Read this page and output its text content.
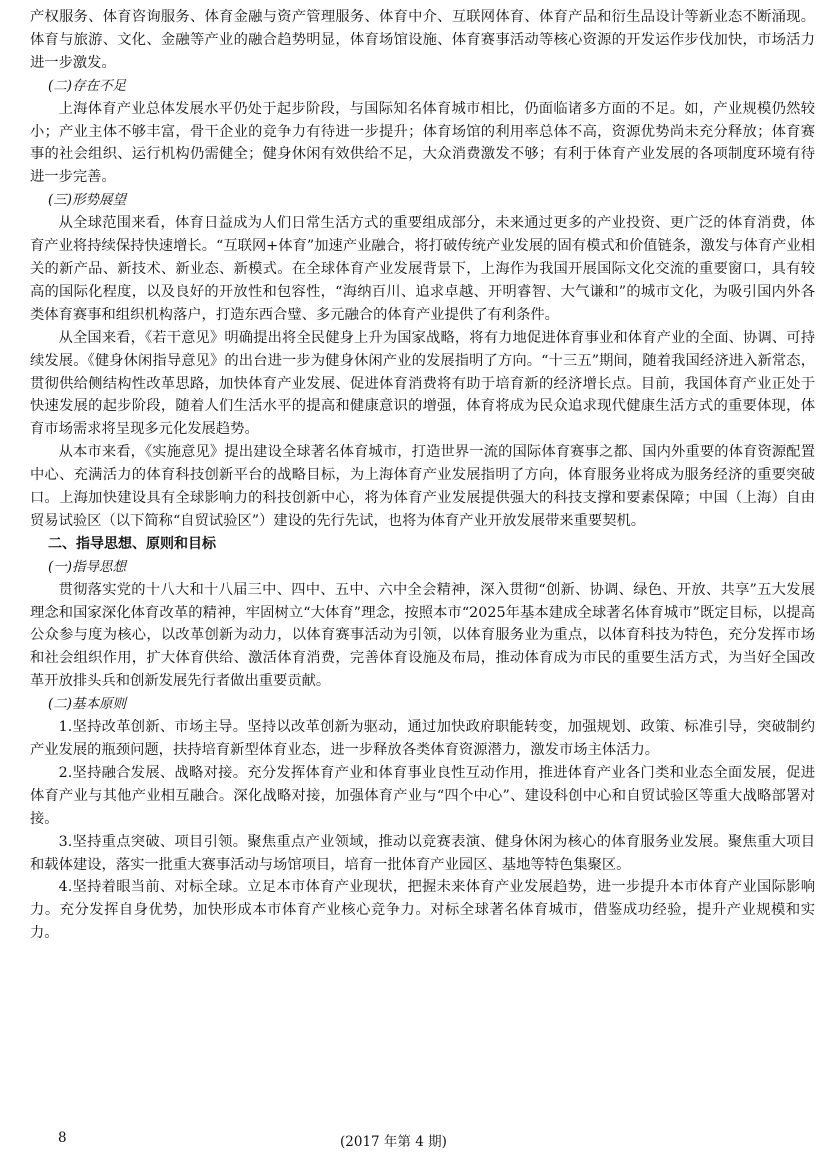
产权服务、体育咨询服务、体育金融与资产管理服务、体育中介、互联网体育、体育产品和衍生品设计等新业态不断涌现。体育与旅游、文化、金融等产业的融合趋势明显，体育场馆设施、体育赛事活动等核心资源的开发运作步伐加快，市场活力进一步激发。

(二)存在不足

上海体育产业总体发展水平仍处于起步阶段，与国际知名体育城市相比，仍面临诸多方面的不足。如，产业规模仍然较小；产业主体不够丰富，骨干企业的竞争力有待进一步提升；体育场馆的利用率总体不高，资源优势尚未充分释放；体育赛事的社会组织、运行机构仍需健全；健身休闲有效供给不足，大众消费激发不够；有利于体育产业发展的各项制度环境有待进一步完善。

(三)形势展望

从全球范围来看，体育日益成为人们日常生活方式的重要组成部分，未来通过更多的产业投资、更广泛的体育消费，体育产业将持续保持快速增长。“互联网+体育”加速产业融合，将打破传统产业发展的固有模式和价值链条，激发与体育产业相关的新产品、新技术、新业态、新模式。在全球体育产业发展背景下，上海作为我国开展国际文化交流的重要窗口，具有较高的国际化程度，以及良好的开放性和包容性，“海纳百川、追求卓越、开明睿智、大气谦和”的城市文化，为吸引国内外各类体育赛事和组织机构落户，打造东西合璧、多元融合的体育产业提供了有利条件。

从全国来看，《若干意见》明确提出将全民健身上升为国家战略，将有力地促进体育事业和体育产业的全面、协调、可持续发展。《健身休闲指导意见》的出台进一步为健身休闲产业的发展指明了方向。“十三五”期间，随着我国经济进入新常态，贯彻供给侧结构性改革思路，加快体育产业发展、促进体育消费将有助于培育新的经济增长点。目前，我国体育产业正处于快速发展的起步阶段，随着人们生活水平的提高和健康意识的增强，体育将成为民众追求现代健康生活方式的重要体现，体育市场需求将呈现多元化发展趋势。

从本市来看，《实施意见》提出建设全球著名体育城市，打造世界一流的国际体育赛事之都、国内外重要的体育资源配置中心、充满活力的体育科技创新平台的战略目标，为上海体育产业发展指明了方向，体育服务业将成为服务经济的重要突破口。上海加快建设具有全球影响力的科技创新中心，将为体育产业发展提供强大的科技支撑和要素保障；中国（上海）自由贸易试验区（以下简称“自贸试验区”）建设的先行先试，也将为体育产业开放发展带来重要契机。

二、指导思想、原则和目标

(一)指导思想

贯彻落实党的十八大和十八届三中、四中、五中、六中全会精神，深入贯彻“创新、协调、绿色、开放、共享”五大发展理念和国家深化体育改革的精神，牢固树立“大体育”理念，按照本市“2025年基本建成全球著名体育城市”既定目标，以提高公众参与度为核心，以改革创新为动力，以体育赛事活动为引领，以体育服务业为重点，以体育科技为特色，充分发挥市场和社会组织作用，扩大体育供给、激活体育消费，完善体育设施及布局，推动体育成为市民的重要生活方式，为当好全国改革开放排头兵和创新发展先行者做出重要贡献。

(二)基本原则

1.坚持改革创新、市场主导。坚持以改革创新为驱动，通过加快政府职能转变，加强规划、政策、标准引导，突破制约产业发展的瓶颈问题，扶持培育新型体育业态，进一步释放各类体育资源潜力，激发市场主体活力。

2.坚持融合发展、战略对接。充分发挥体育产业和体育事业良性互动作用，推进体育产业各门类和业态全面发展，促进体育产业与其他产业相互融合。深化战略对接，加强体育产业与“四个中心”、建设科创中心和自贸试验区等重大战略部署对接。

3.坚持重点突破、项目引领。聚焦重点产业领域，推动以竞赛表演、健身休闲为核心的体育服务业发展。聚焦重大项目和载体建设，落实一批重大赛事活动与场馆项目，培育一批体育产业园区、基地等特色集聚区。

4.坚持着眼当前、对标全球。立足本市体育产业现状，把握未来体育产业发展趋势，进一步提升本市体育产业国际影响力。充分发挥自身优势，加快形成本市体育产业核心竞争力。对标全球著名体育城市，借鉴成功经验，提升产业规模和实力。

8	(2017 年第 4 期)
